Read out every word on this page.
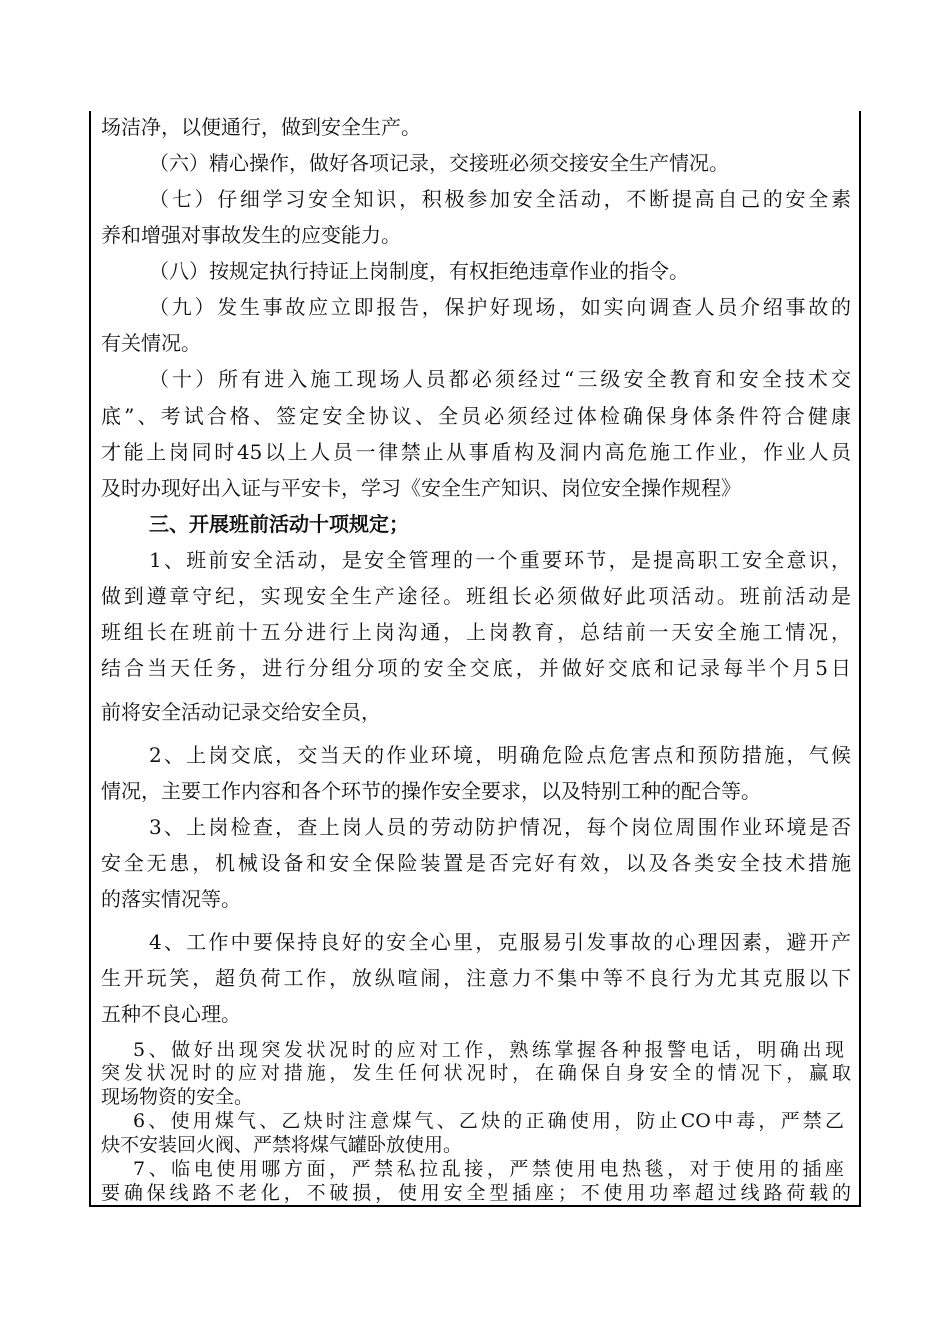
场洁净，以便通行，做到安全生产。
（六）精心操作，做好各项记录，交接班必须交接安全生产情况。
（七）仔细学习安全知识，积极参加安全活动，不断提高自己的安全素
养和增强对事故发生的应变能力。
（八）按规定执行持证上岗制度，有权拒绝违章作业的指令。
（九）发生事故应立即报告，保护好现场，如实向调查人员介绍事故的
有关情况。
（十）所有进入施工现场人员都必须经过“三级安全教育和安全技术交
底”、考试合格、签定安全协议、全员必须经过体检确保身体条件符合健康
才能上岗同时45以上人员一律禁止从事盾构及洞内高危施工作业，作业人员
及时办现好出入证与平安卡，学习《安全生产知识、岗位安全操作规程》
三、开展班前活动十项规定；
1、班前安全活动，是安全管理的一个重要环节，是提高职工安全意识，
做到遵章守纪，实现安全生产途径。班组长必须做好此项活动。班前活动是
班组长在班前十五分进行上岗沟通，上岗教育，总结前一天安全施工情况，
结合当天任务，进行分组分项的安全交底，并做好交底和记录每半个月5日
前将安全活动记录交给安全员，
2、上岗交底，交当天的作业环境，明确危险点危害点和预防措施，气候
情况，主要工作内容和各个环节的操作安全要求，以及特别工种的配合等。
3、上岗检查，查上岗人员的劳动防护情况，每个岗位周围作业环境是否
安全无患，机械设备和安全保险装置是否完好有效，以及各类安全技术措施
的落实情况等。
4、工作中要保持良好的安全心里，克服易引发事故的心理因素，避开产
生开玩笑，超负荷工作，放纵喧闹，注意力不集中等不良行为尤其克服以下
五种不良心理。
5、做好出现突发状况时的应对工作，熟练掌握各种报警电话，明确出现
突发状况时的应对措施，发生任何状况时，在确保自身安全的情况下，赢取
现场物资的安全。
6、使用煤气、乙炔时注意煤气、乙炔的正确使用，防止CO中毒，严禁乙
炔不安装回火阀、严禁将煤气罐卧放使用。
7、临电使用哪方面，严禁私拉乱接，严禁使用电热毯，对于使用的插座
要确保线路不老化，不破损，使用安全型插座；不使用功率超过线路荷载的
